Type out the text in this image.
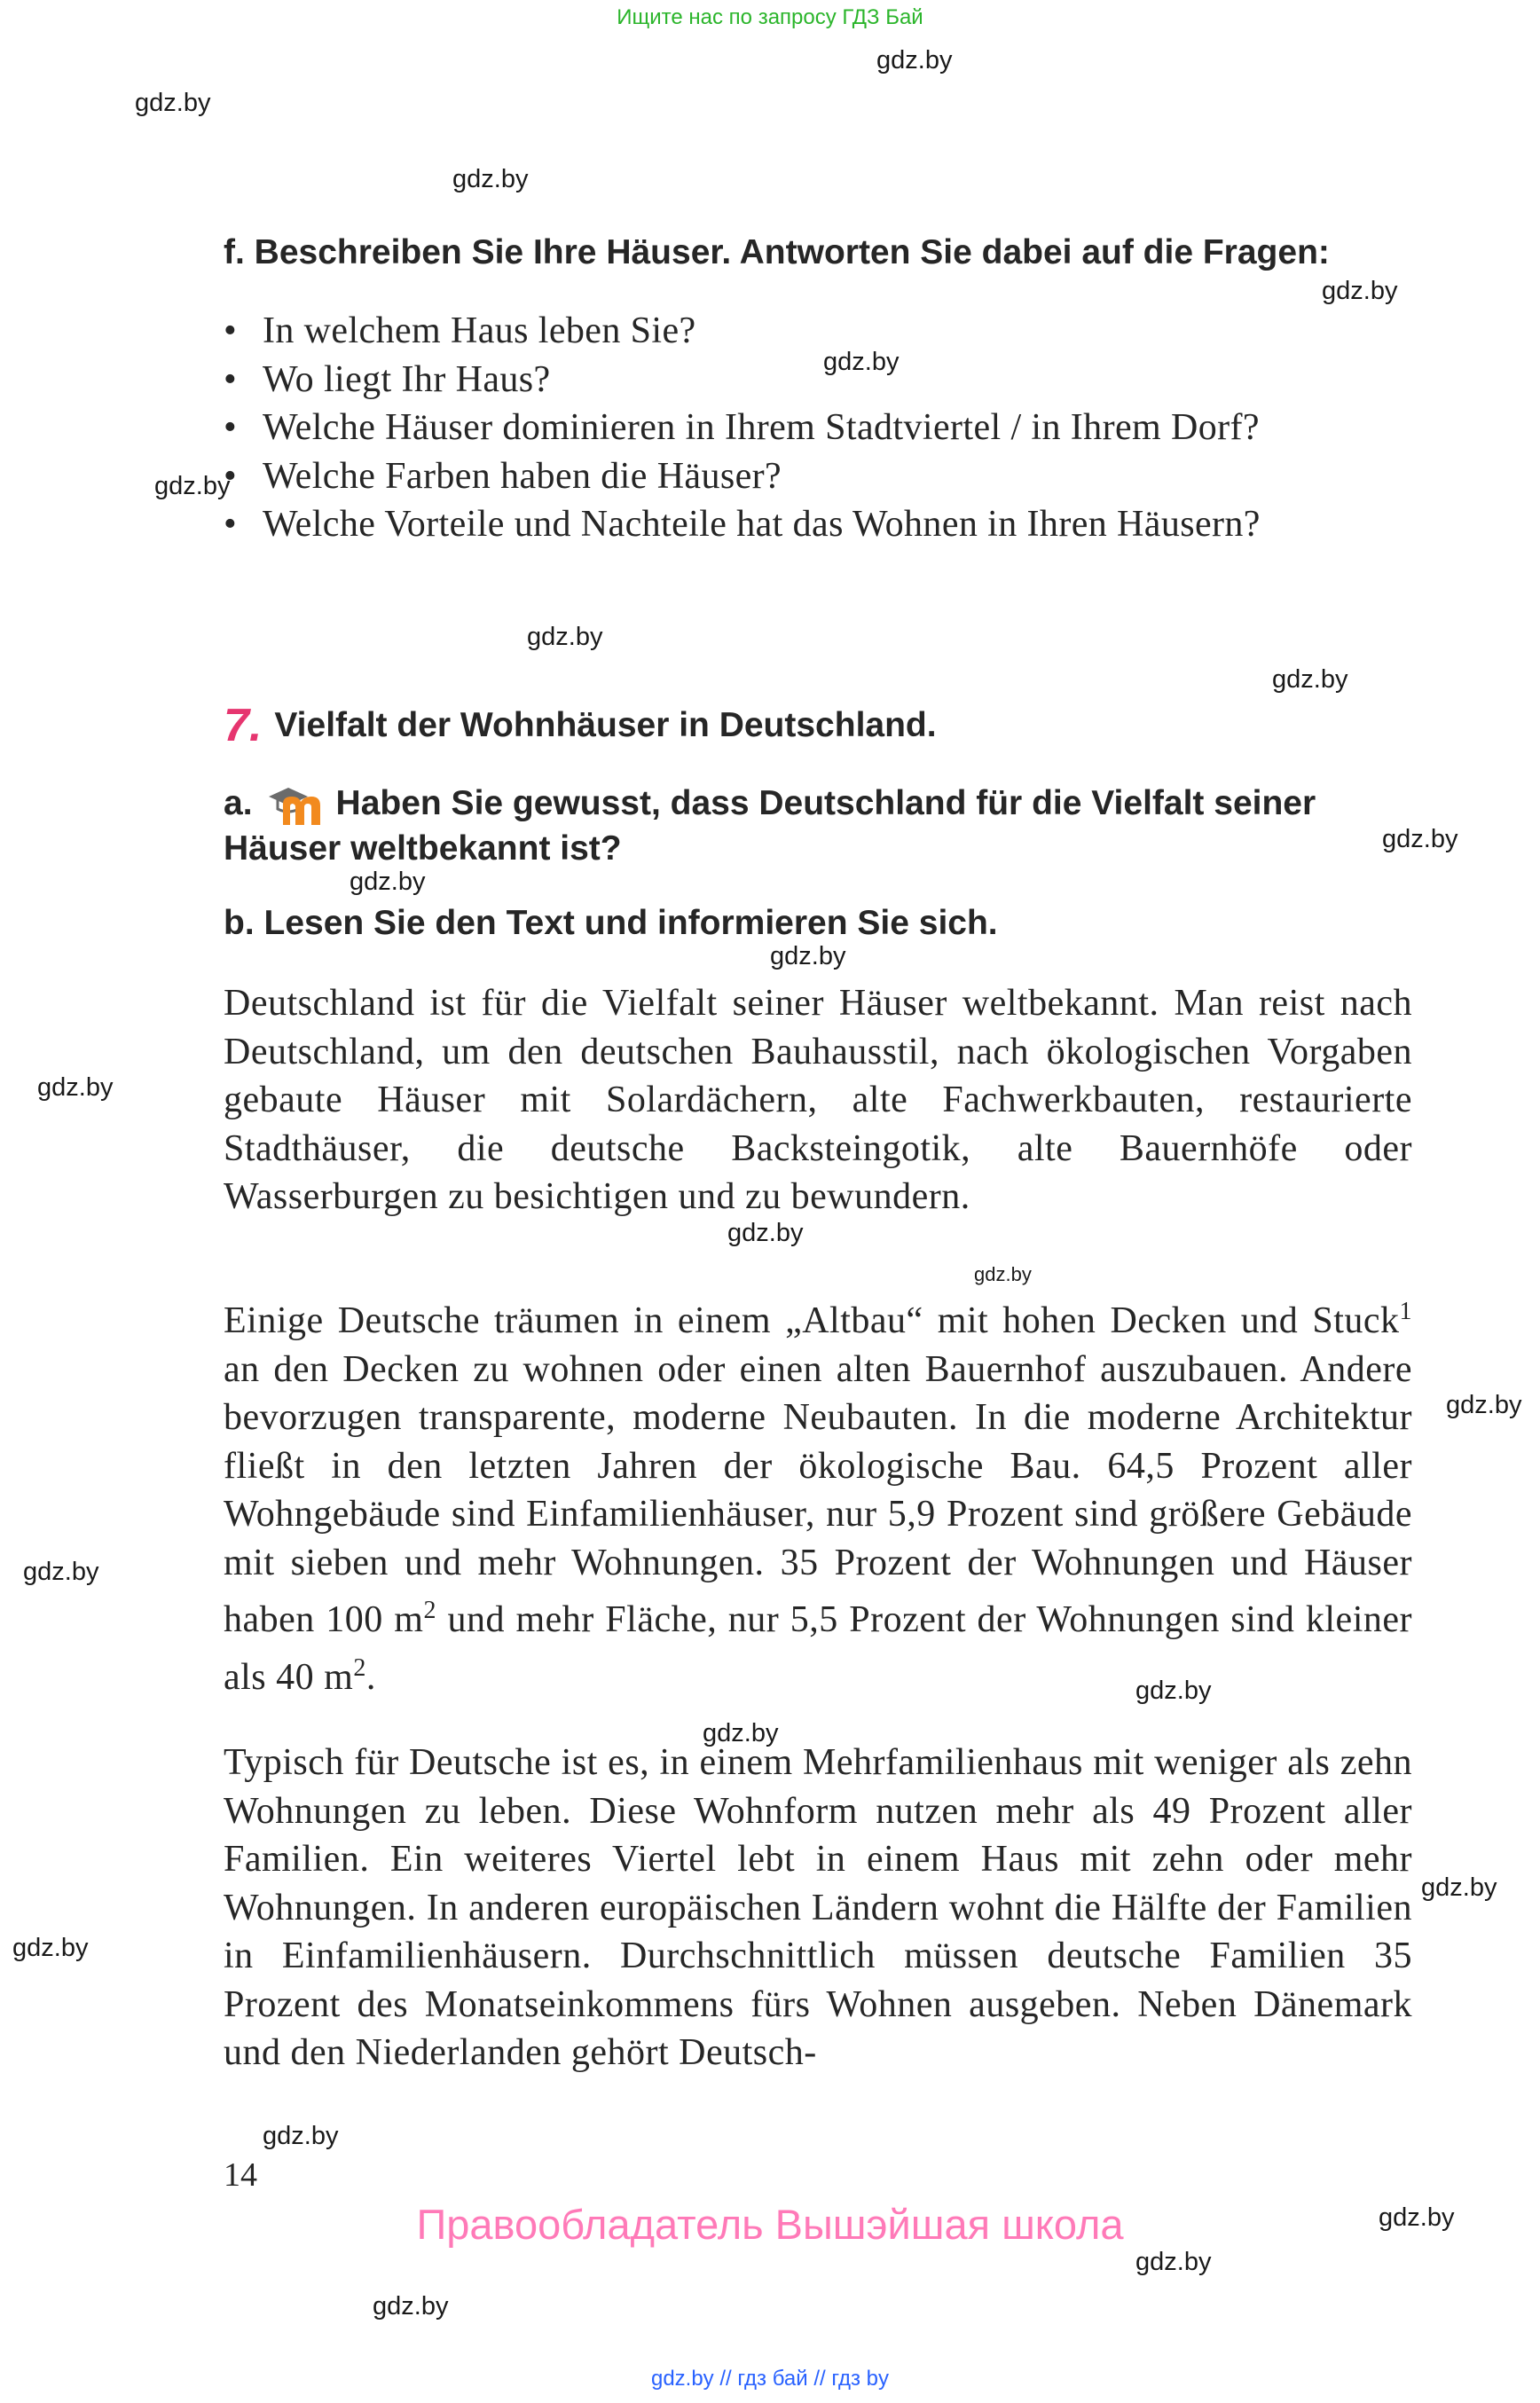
Ищите нас по запросу ГДЗ Бай
gdz.by
gdz.by
gdz.by
gdz.by
gdz.by
gdz.by
gdz.by
gdz.by
gdz.by
gdz.by
gdz.by
gdz.by
gdz.by
gdz.by
gdz.by
gdz.by
gdz.by
gdz.by
gdz.by
gdz.by
gdz.by
gdz.by
gdz.by
gdz.by
f. Beschreiben Sie Ihre Häuser. Antworten Sie dabei auf die Fragen:
• In welchem Haus leben Sie?
• Wo liegt Ihr Haus?
• Welche Häuser dominieren in Ihrem Stadtviertel / in Ihrem Dorf?
• Welche Farben haben die Häuser?
• Welche Vorteile und Nachteile hat das Wohnen in Ihren Häusern?
7. Vielfalt der Wohnhäuser in Deutschland.
a. Haben Sie gewusst, dass Deutschland für die Vielfalt seiner
Häuser weltbekannt ist?
b. Lesen Sie den Text und informieren Sie sich.

Deutschland ist für die Vielfalt seiner Häuser weltbekannt. Man reist nach Deutschland, um den deutschen Bauhausstil, nach ökologischen Vorgaben gebaute Häuser mit Solardächern, alte Fachwerkbauten, restaurierte Stadthäuser, die deutsche Backsteingotik, alte Bauernhöfe oder Wasserburgen zu besichtigen und zu bewundern.

Einige Deutsche träumen in einem „Altbau“ mit hohen Decken und Stuck$^1$ an den Decken zu wohnen oder einen alten Bauernhof auszubauen. Andere bevorzugen transparente, moderne Neubauten. In die moderne Architektur fließt in den letzten Jahren der ökologische Bau. 64,5 Prozent aller Wohngebäude sind Einfamilienhäuser, nur 5,9 Prozent sind größere Gebäude mit sieben und mehr Wohnungen. 35 Prozent der Wohnungen und Häuser haben 100 $m^2$ und mehr Fläche, nur 5,5 Prozent der Wohnungen sind kleiner als 40 $m^2$.

Typisch für Deutsche ist es, in einem Mehrfamilienhaus mit weniger als zehn Wohnungen zu leben. Diese Wohnform nutzen mehr als 49 Prozent aller Familien. Ein weiteres Viertel lebt in einem Haus mit zehn oder mehr Wohnungen. In anderen europäischen Ländern wohnt die Hälfte der Familien in Einfamilienhäusern. Durchschnittlich müssen deutsche Familien 35 Prozent des Monatseinkommens fürs Wohnen ausgeben. Neben Dänemark und den Niederlanden gehört Deutsch-

14
Правообладатель Вышэйшая школа
gdz.by // гдз бай // гдз by
